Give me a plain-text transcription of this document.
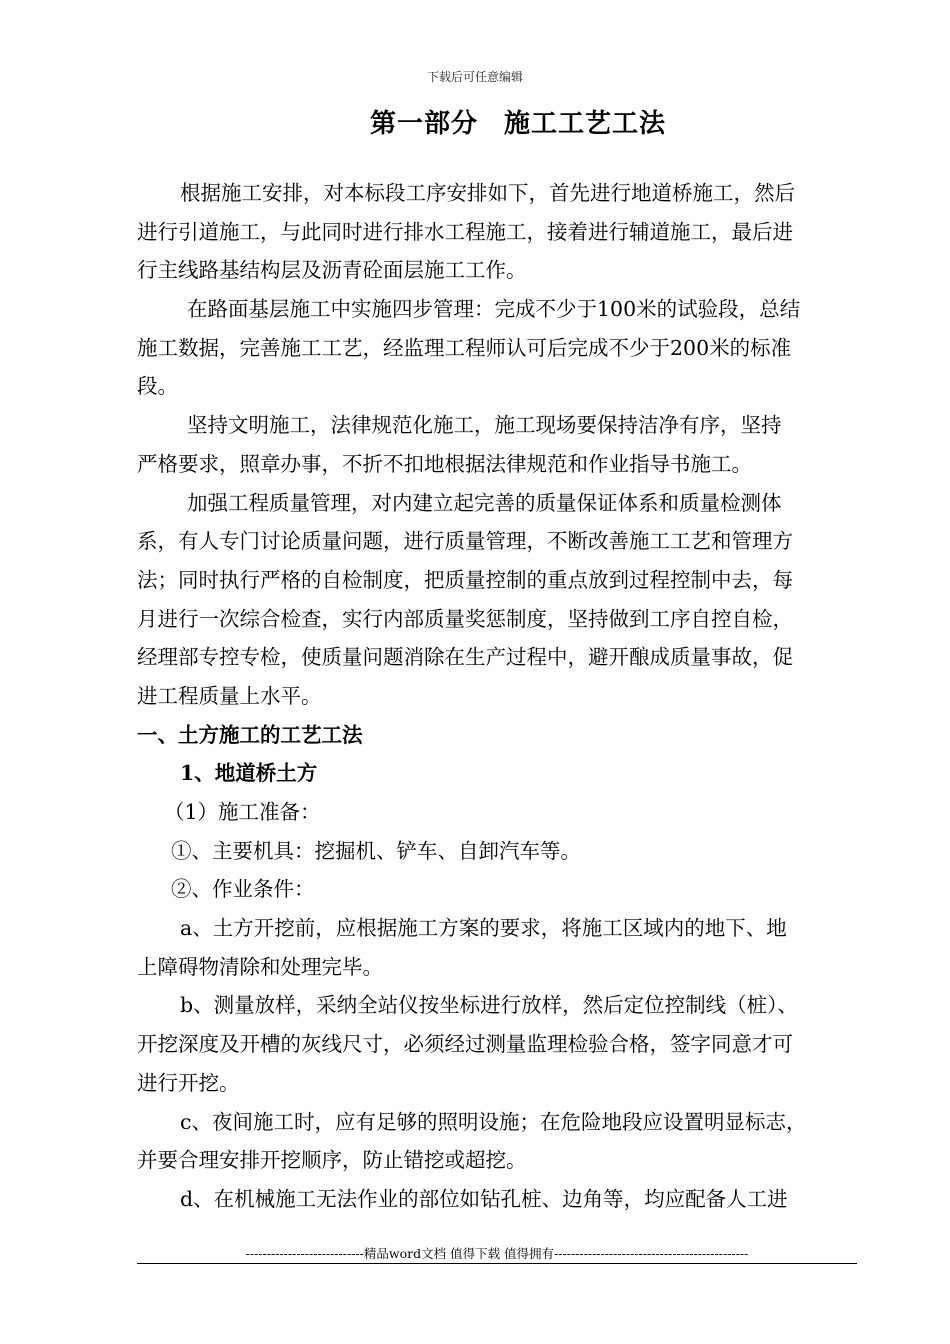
下载后可任意编辑
第一部分 施工工艺工法
根据施工安排，对本标段工序安排如下，首先进行地道桥施工，然后
进行引道施工，与此同时进行排水工程施工，接着进行辅道施工，最后进
行主线路基结构层及沥青砼面层施工工作。
在路面基层施工中实施四步管理：完成不少于100米的试验段，总结
施工数据，完善施工工艺，经监理工程师认可后完成不少于200米的标准
段。
坚持文明施工，法律规范化施工，施工现场要保持洁净有序，坚持
严格要求，照章办事，不折不扣地根据法律规范和作业指导书施工。
加强工程质量管理，对内建立起完善的质量保证体系和质量检测体
系，有人专门讨论质量问题，进行质量管理，不断改善施工工艺和管理方
法；同时执行严格的自检制度，把质量控制的重点放到过程控制中去，每
月进行一次综合检查，实行内部质量奖惩制度，坚持做到工序自控自检，
经理部专控专检，使质量问题消除在生产过程中，避开酿成质量事故，促
进工程质量上水平。
一、土方施工的工艺工法
1、地道桥土方
（1）施工准备：
①、主要机具：挖掘机、铲车、自卸汽车等。
②、作业条件：
a、土方开挖前，应根据施工方案的要求，将施工区域内的地下、地
上障碍物清除和处理完毕。
b、测量放样，采纳全站仪按坐标进行放样，然后定位控制线（桩）、
开挖深度及开槽的灰线尺寸，必须经过测量监理检验合格，签字同意才可
进行开挖。
c、夜间施工时，应有足够的照明设施；在危险地段应设置明显标志，
并要合理安排开挖顺序，防止错挖或超挖。
d、在机械施工无法作业的部位如钻孔桩、边角等，均应配备人工进
----------------------------精品word文档 值得下载 值得拥有----------------------------------------------
